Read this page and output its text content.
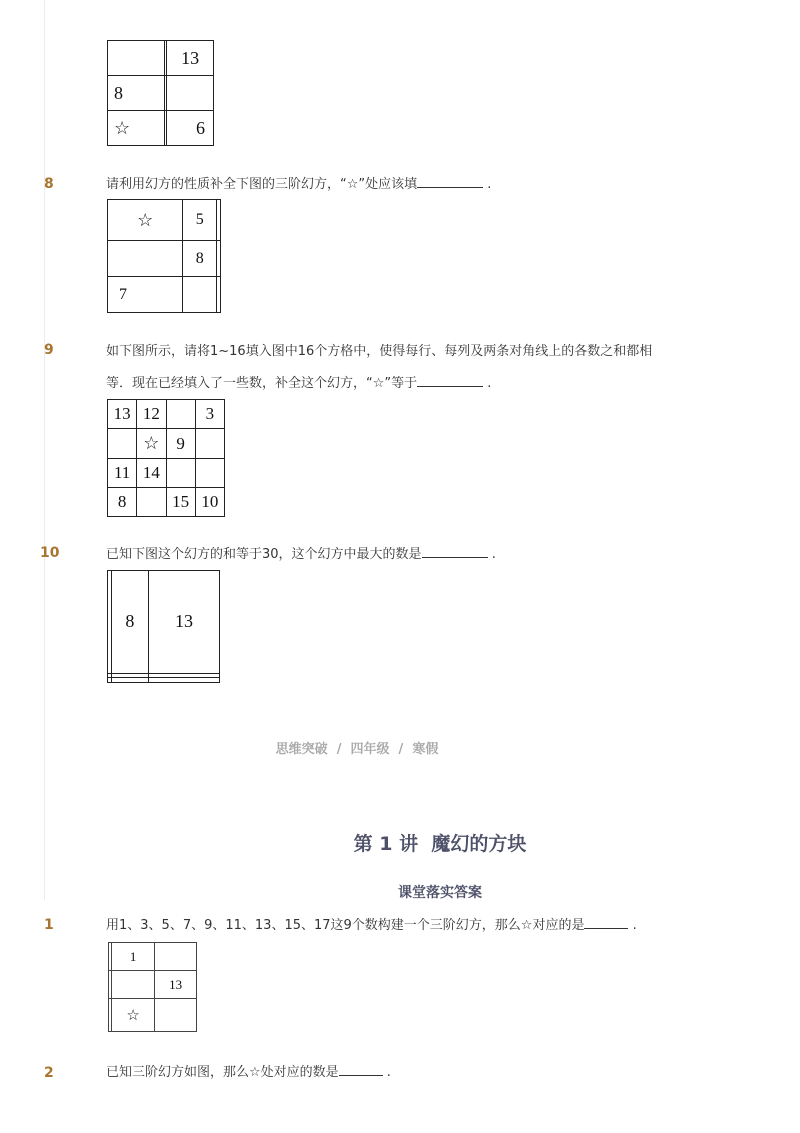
		13
8		
☆		6
8	请利用幻方的性质补全下图的三阶幻方，“☆”处应该填	.
☆	5	
	8	
7		
9	如下图所示，请将1~16填入图中16个方格中，使得每行、每列及两条对角线上的各数之和都相
等．现在已经填入了一些数，补全这个幻方，“☆”等于	.
13	12		3
	☆	9	
11	14		
8		15	10
10	已知下图这个幻方的和等于30，这个幻方中最大的数是	.
	8	13

思维突破  /  四年级  /  寒假
第 1 讲  魔幻的方块
课堂落实答案
1	用1、3、5、7、9、11、13、15、17这9个数构建一个三阶幻方，那么☆对应的是	.
	1	
		13
	☆	
2	已知三阶幻方如图，那么☆处对应的数是	.
